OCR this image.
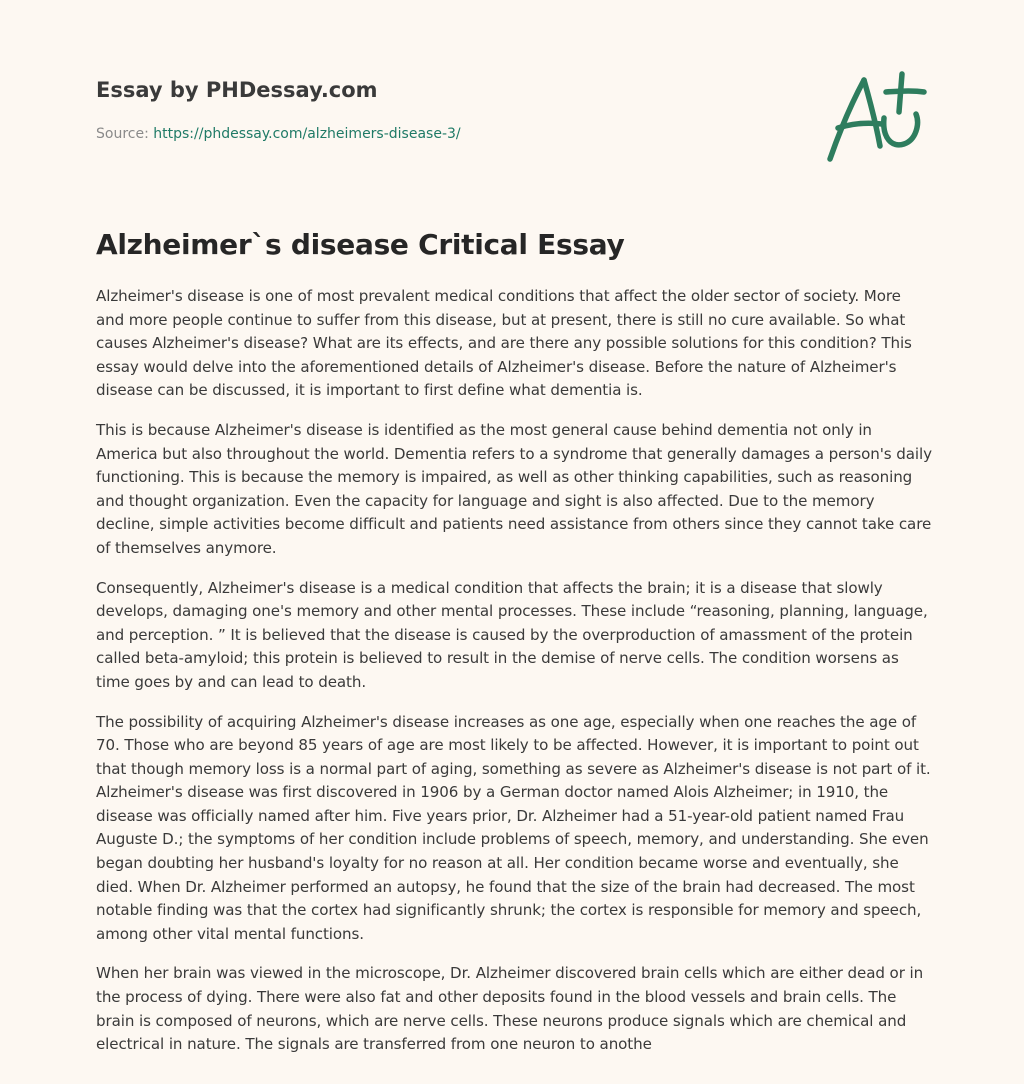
Essay by PHDessay.com
Source: https://phdessay.com/alzheimers-disease-3/
Alzheimer`s disease Critical Essay

Alzheimer's disease is one of most prevalent medical conditions that affect the older sector of society. More and more people continue to suffer from this disease, but at present, there is still no cure available. So what causes Alzheimer's disease? What are its effects, and are there any possible solutions for this condition? This essay would delve into the aforementioned details of Alzheimer's disease. Before the nature of Alzheimer's disease can be discussed, it is important to first define what dementia is.

This is because Alzheimer's disease is identified as the most general cause behind dementia not only in America but also throughout the world. Dementia refers to a syndrome that generally damages a person's daily functioning. This is because the memory is impaired, as well as other thinking capabilities, such as reasoning and thought organization. Even the capacity for language and sight is also affected. Due to the memory decline, simple activities become difficult and patients need assistance from others since they cannot take care of themselves anymore.

Consequently, Alzheimer's disease is a medical condition that affects the brain; it is a disease that slowly develops, damaging one's memory and other mental processes. These include “reasoning, planning, language, and perception. ” It is believed that the disease is caused by the overproduction of amassment of the protein called beta-amyloid; this protein is believed to result in the demise of nerve cells. The condition worsens as time goes by and can lead to death.

The possibility of acquiring Alzheimer's disease increases as one age, especially when one reaches the age of 70. Those who are beyond 85 years of age are most likely to be affected. However, it is important to point out that though memory loss is a normal part of aging, something as severe as Alzheimer's disease is not part of it. Alzheimer's disease was first discovered in 1906 by a German doctor named Alois Alzheimer; in 1910, the disease was officially named after him. Five years prior, Dr. Alzheimer had a 51-year-old patient named Frau Auguste D.; the symptoms of her condition include problems of speech, memory, and understanding. She even began doubting her husband's loyalty for no reason at all. Her condition became worse and eventually, she died. When Dr. Alzheimer performed an autopsy, he found that the size of the brain had decreased. The most notable finding was that the cortex had significantly shrunk; the cortex is responsible for memory and speech, among other vital mental functions.

When her brain was viewed in the microscope, Dr. Alzheimer discovered brain cells which are either dead or in the process of dying. There were also fat and other deposits found in the blood vessels and brain cells. The brain is composed of neurons, which are nerve cells. These neurons produce signals which are chemical and electrical in nature. The signals are transferred from one neuron to anothe
